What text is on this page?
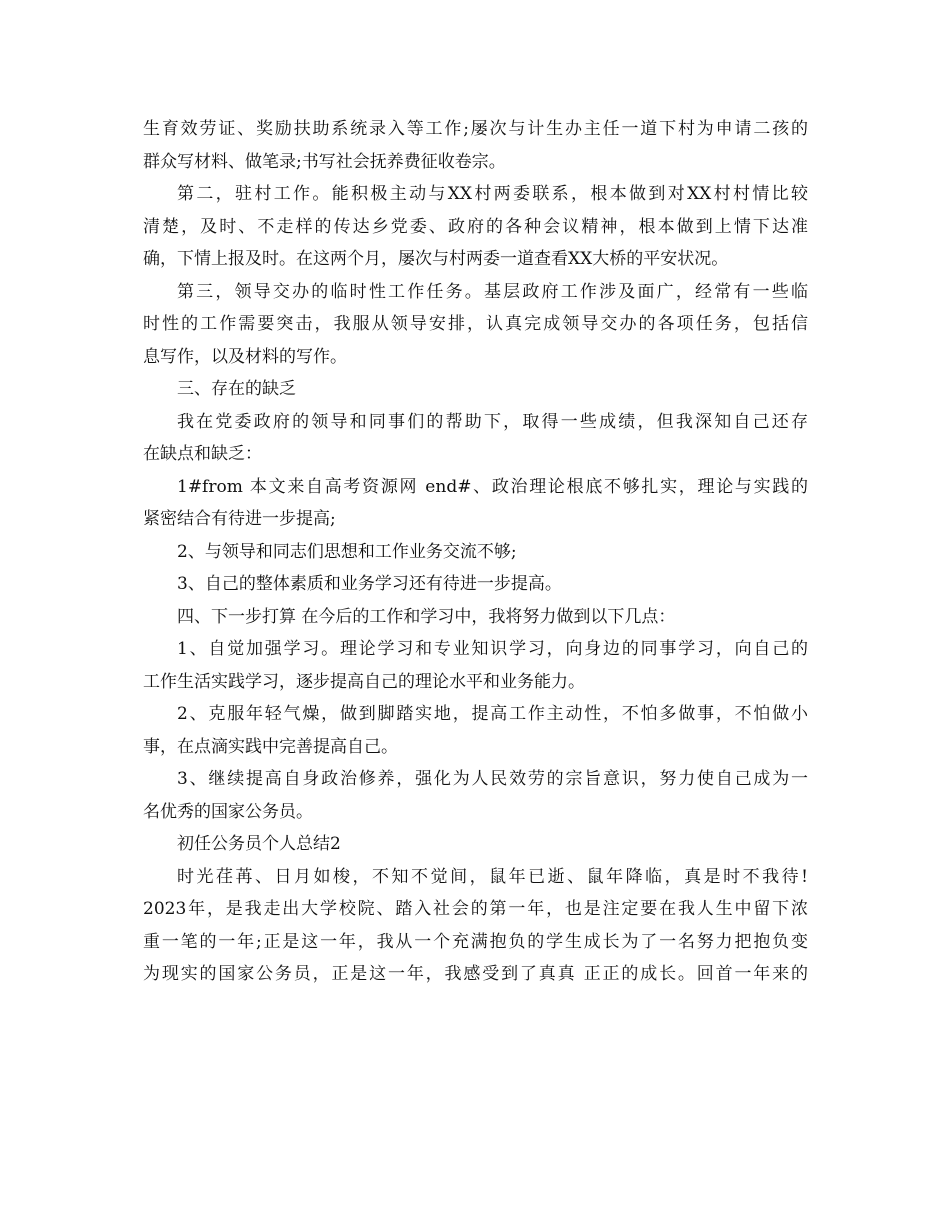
生育效劳证、奖励扶助系统录入等工作;屡次与计生办主任一道下村为申请二孩的
群众写材料、做笔录;书写社会抚养费征收卷宗。
第二，驻村工作。能积极主动与XX村两委联系，根本做到对XX村村情比较
清楚，及时、不走样的传达乡党委、政府的各种会议精神，根本做到上情下达准
确，下情上报及时。在这两个月，屡次与村两委一道查看XX大桥的平安状况。
第三，领导交办的临时性工作任务。基层政府工作涉及面广，经常有一些临
时性的工作需要突击，我服从领导安排，认真完成领导交办的各项任务，包括信
息写作，以及材料的写作。
三、存在的缺乏
我在党委政府的领导和同事们的帮助下，取得一些成绩，但我深知自己还存
在缺点和缺乏：
1#from 本文来自高考资源网 end#、政治理论根底不够扎实，理论与实践的
紧密结合有待进一步提高;
2、与领导和同志们思想和工作业务交流不够;
3、自己的整体素质和业务学习还有待进一步提高。
四、下一步打算 在今后的工作和学习中，我将努力做到以下几点：
1、自觉加强学习。理论学习和专业知识学习，向身边的同事学习，向自己的
工作生活实践学习，逐步提高自己的理论水平和业务能力。
2、克服年轻气燥，做到脚踏实地，提高工作主动性，不怕多做事，不怕做小
事，在点滴实践中完善提高自己。
3、继续提高自身政治修养，强化为人民效劳的宗旨意识，努力使自己成为一
名优秀的国家公务员。
初任公务员个人总结2
时光荏苒、日月如梭，不知不觉间，鼠年已逝、鼠年降临，真是时不我待!
2023年，是我走出大学校院、踏入社会的第一年，也是注定要在我人生中留下浓
重一笔的一年;正是这一年，我从一个充满抱负的学生成长为了一名努力把抱负变
为现实的国家公务员，正是这一年，我感受到了真真 正正的成长。回首一年来的
